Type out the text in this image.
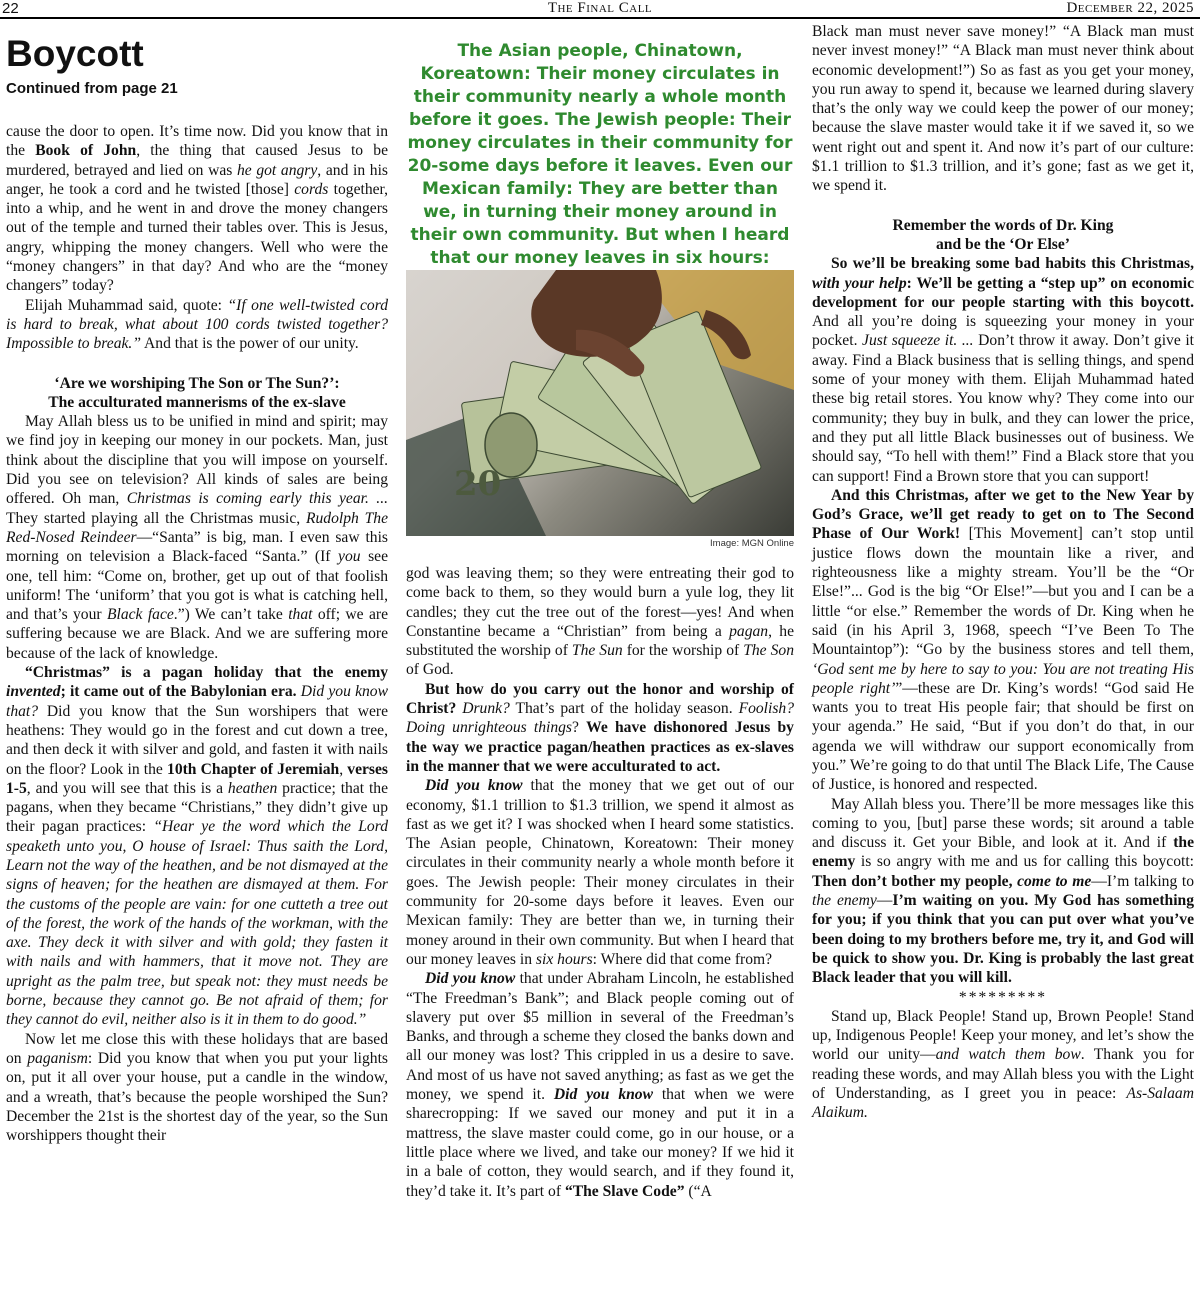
22	The Final Call	December 22, 2025
Boycott
Continued from page 21

cause the door to open. It’s time now. Did you know that in the Book of John, the thing that caused Jesus to be murdered, betrayed and lied on was he got angry, and in his anger, he took a cord and he twisted [those] cords together, into a whip, and he went in and drove the money changers out of the temple and turned their tables over. This is Jesus, angry, whipping the money changers. Well who were the “money changers” in that day? And who are the “money changers” today?

Elijah Muhammad said, quote: “If one well-twisted cord is hard to break, what about 100 cords twisted together? Impossible to break.” And that is the power of our unity.

‘Are we worshiping The Son or The Sun?’:

The acculturated mannerisms of the ex-slave

May Allah bless us to be unified in mind and spirit; may we find joy in keeping our money in our pockets. Man, just think about the discipline that you will impose on yourself. Did you see on television? All kinds of sales are being offered. Oh man, Christmas is coming early this year. ... They started playing all the Christmas music, Rudolph The Red-Nosed Reindeer—“Santa” is big, man. I even saw this morning on television a Black-faced “Santa.” (If you see one, tell him: “Come on, brother, get up out of that foolish uniform! The ‘uniform’ that you got is what is catching hell, and that’s your Black face.”) We can’t take that off; we are suffering because we are Black. And we are suffering more because of the lack of knowledge.

“Christmas” is a pagan holiday that the enemy invented; it came out of the Babylonian era. Did you know that? Did you know that the Sun worshipers that were heathens: They would go in the forest and cut down a tree, and then deck it with silver and gold, and fasten it with nails on the floor? Look in the 10th Chapter of Jeremiah, verses 1-5, and you will see that this is a heathen practice; that the pagans, when they became “Christians,” they didn’t give up their pagan practices: “Hear ye the word which the Lord speaketh unto you, O house of Israel: Thus saith the Lord, Learn not the way of the heathen, and be not dismayed at the signs of heaven; for the heathen are dismayed at them. For the customs of the people are vain: for one cutteth a tree out of the forest, the work of the hands of the workman, with the axe. They deck it with silver and with gold; they fasten it with nails and with hammers, that it move not. They are upright as the palm tree, but speak not: they must needs be borne, because they cannot go. Be not afraid of them; for they cannot do evil, neither also is it in them to do good.”

Now let me close this with these holidays that are based on paganism: Did you know that when you put your lights on, put it all over your house, put a candle in the window, and a wreath, that’s because the people worshiped the Sun? December the 21st is the shortest day of the year, so the Sun worshippers thought their

The Asian people, Chinatown, Koreatown: Their money circulates in their community nearly a whole month before it goes. The Jewish people: Their money circulates in their community for 20-some days before it leaves. Even our Mexican family: They are better than we, in turning their money around in their own community. But when I heard that our money leaves in six hours:
20
Image: MGN Online

god was leaving them; so they were entreating their god to come back to them, so they would burn a yule log, they lit candles; they cut the tree out of the forest—yes! And when Constantine became a “Christian” from being a pagan, he substituted the worship of The Sun for the worship of The Son of God.

But how do you carry out the honor and worship of Christ? Drunk? That’s part of the holiday season. Foolish? Doing unrighteous things? We have dishonored Jesus by the way we practice pagan/heathen practices as ex-slaves in the manner that we were acculturated to act.

Did you know that the money that we get out of our economy, $1.1 trillion to $1.3 trillion, we spend it almost as fast as we get it? I was shocked when I heard some statistics. The Asian people, Chinatown, Koreatown: Their money circulates in their community nearly a whole month before it goes. The Jewish people: Their money circulates in their community for 20-some days before it leaves. Even our Mexican family: They are better than we, in turning their money around in their own community. But when I heard that our money leaves in six hours: Where did that come from?

Did you know that under Abraham Lincoln, he established “The Freedman’s Bank”; and Black people coming out of slavery put over $5 million in several of the Freedman’s Banks, and through a scheme they closed the banks down and all our money was lost? This crippled in us a desire to save. And most of us have not saved anything; as fast as we get the money, we spend it. Did you know that when we were sharecropping: If we saved our money and put it in a mattress, the slave master could come, go in our house, or a little place where we lived, and take our money? If we hid it in a bale of cotton, they would search, and if they found it, they’d take it. It’s part of “The Slave Code” (“A

Black man must never save money!” “A Black man must never invest money!” “A Black man must never think about economic development!”) So as fast as you get your money, you run away to spend it, because we learned during slavery that’s the only way we could keep the power of our money; because the slave master would take it if we saved it, so we went right out and spent it. And now it’s part of our culture: $1.1 trillion to $1.3 trillion, and it’s gone; fast as we get it, we spend it.

Remember the words of Dr. King

and be the ‘Or Else’

So we’ll be breaking some bad habits this Christmas, with your help: We’ll be getting a “step up” on economic development for our people starting with this boycott. And all you’re doing is squeezing your money in your pocket. Just squeeze it. ... Don’t throw it away. Don’t give it away. Find a Black business that is selling things, and spend some of your money with them. Elijah Muhammad hated these big retail stores. You know why? They come into our community; they buy in bulk, and they can lower the price, and they put all little Black businesses out of business. We should say, “To hell with them!” Find a Black store that you can support! Find a Brown store that you can support!

And this Christmas, after we get to the New Year by God’s Grace, we’ll get ready to get on to The Second Phase of Our Work! [This Movement] can’t stop until justice flows down the mountain like a river, and righteousness like a mighty stream. You’ll be the “Or Else!”... God is the big “Or Else!”—but you and I can be a little “or else.” Remember the words of Dr. King when he said (in his April 3, 1968, speech “I’ve Been To The Mountaintop”): “Go by the business stores and tell them, ‘God sent me by here to say to you: You are not treating His people right’”—these are Dr. King’s words! “God said He wants you to treat His people fair; that should be first on your agenda.” He said, “But if you don’t do that, in our agenda we will withdraw our support economically from you.” We’re going to do that until The Black Life, The Cause of Justice, is honored and respected.

May Allah bless you. There’ll be more messages like this coming to you, [but] parse these words; sit around a table and discuss it. Get your Bible, and look at it. And if the enemy is so angry with me and us for calling this boycott: Then don’t bother my people, come to me—I’m talking to the enemy—I’m waiting on you. My God has something for you; if you think that you can put over what you’ve been doing to my brothers before me, try it, and God will be quick to show you. Dr. King is probably the last great Black leader that you will kill.

*********

Stand up, Black People! Stand up, Brown People! Stand up, Indigenous People! Keep your money, and let’s show the world our unity—and watch them bow. Thank you for reading these words, and may Allah bless you with the Light of Understanding, as I greet you in peace: As-Salaam Alaikum.
